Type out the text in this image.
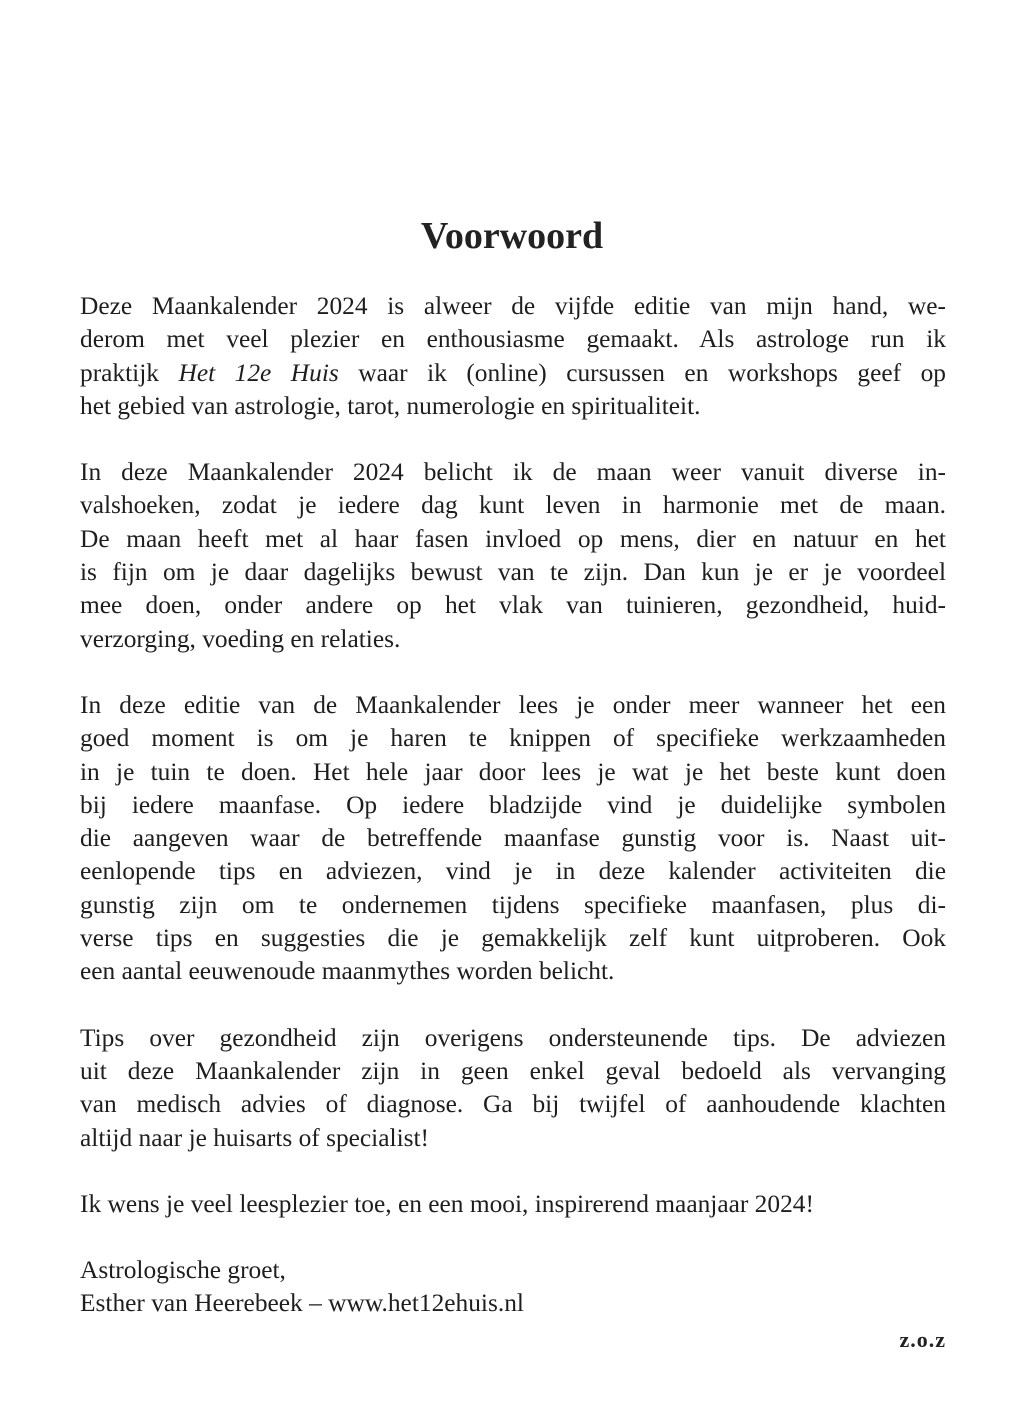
Voorwoord
Deze Maankalender 2024 is alweer de vijfde editie van mijn hand, we-
derom met veel plezier en enthousiasme gemaakt. Als astrologe run ik
praktijk Het 12e Huis waar ik (online) cursussen en workshops geef op
het gebied van astrologie, tarot, numerologie en spiritualiteit.
In deze Maankalender 2024 belicht ik de maan weer vanuit diverse in-
valshoeken, zodat je iedere dag kunt leven in harmonie met de maan.
De maan heeft met al haar fasen invloed op mens, dier en natuur en het
is fijn om je daar dagelijks bewust van te zijn. Dan kun je er je voordeel
mee doen, onder andere op het vlak van tuinieren, gezondheid, huid-
verzorging, voeding en relaties.
In deze editie van de Maankalender lees je onder meer wanneer het een
goed moment is om je haren te knippen of specifieke werkzaamheden
in je tuin te doen. Het hele jaar door lees je wat je het beste kunt doen
bij iedere maanfase. Op iedere bladzijde vind je duidelijke symbolen
die aangeven waar de betreffende maanfase gunstig voor is. Naast uit-
eenlopende tips en adviezen, vind je in deze kalender activiteiten die
gunstig zijn om te ondernemen tijdens specifieke maanfasen, plus di-
verse tips en suggesties die je gemakkelijk zelf kunt uitproberen. Ook
een aantal eeuwenoude maanmythes worden belicht.
Tips over gezondheid zijn overigens ondersteunende tips. De adviezen
uit deze Maankalender zijn in geen enkel geval bedoeld als vervanging
van medisch advies of diagnose. Ga bij twijfel of aanhoudende klachten
altijd naar je huisarts of specialist!
Ik wens je veel leesplezier toe, en een mooi, inspirerend maanjaar 2024!
Astrologische groet,
Esther van Heerebeek – www.het12ehuis.nl
z.o.z
